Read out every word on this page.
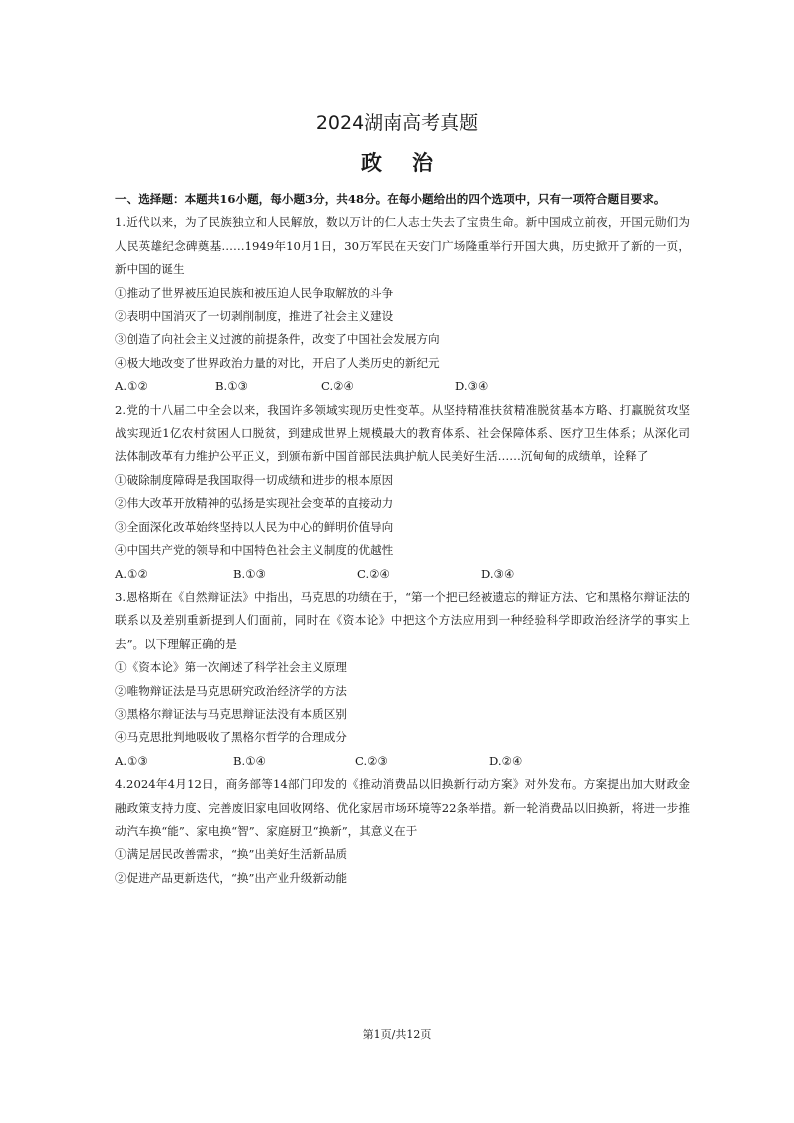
2024湖南高考真题
政治

一、选择题：本题共16小题，每小题3分，共48分。在每小题给出的四个选项中，只有一项符合题目要求。

1.近代以来，为了民族独立和人民解放，数以万计的仁人志士失去了宝贵生命。新中国成立前夜，开国元勋们为人民英雄纪念碑奠基……1949年10月1日，30万军民在天安门广场隆重举行开国大典，历史掀开了新的一页，新中国的诞生

①推动了世界被压迫民族和被压迫人民争取解放的斗争

②表明中国消灭了一切剥削制度，推进了社会主义建设

③创造了向社会主义过渡的前提条件，改变了中国社会发展方向

④极大地改变了世界政治力量的对比，开启了人类历史的新纪元

A.①②	B.①③	C.②④	D.③④

2.党的十八届二中全会以来，我国许多领域实现历史性变革。从坚持精准扶贫精准脱贫基本方略、打赢脱贫攻坚战实现近1亿农村贫困人口脱贫，到建成世界上规模最大的教育体系、社会保障体系、医疗卫生体系；从深化司法体制改革有力维护公平正义，到颁布新中国首部民法典护航人民美好生活……沉甸甸的成绩单，诠释了

①破除制度障碍是我国取得一切成绩和进步的根本原因

②伟大改革开放精神的弘扬是实现社会变革的直接动力

③全面深化改革始终坚持以人民为中心的鲜明价值导向

④中国共产党的领导和中国特色社会主义制度的优越性

A.①②	B.①③	C.②④	D.③④

3.恩格斯在《自然辩证法》中指出，马克思的功绩在于，“第一个把已经被遗忘的辩证方法、它和黑格尔辩证法的联系以及差别重新提到人们面前，同时在《资本论》中把这个方法应用到一种经验科学即政治经济学的事实上去”。以下理解正确的是

①《资本论》第一次阐述了科学社会主义原理

②唯物辩证法是马克思研究政治经济学的方法

③黑格尔辩证法与马克思辩证法没有本质区别

④马克思批判地吸收了黑格尔哲学的合理成分

A.①③	B.①④	C.②③	D.②④

4.2024年4月12日，商务部等14部门印发的《推动消费品以旧换新行动方案》对外发布。方案提出加大财政金融政策支持力度、完善废旧家电回收网络、优化家居市场环境等22条举措。新一轮消费品以旧换新，将进一步推动汽车换“能”、家电换“智”、家庭厨卫“换新”，其意义在于

①满足居民改善需求，“换”出美好生活新品质

②促进产品更新迭代，“换”出产业升级新动能

第1页/共12页
